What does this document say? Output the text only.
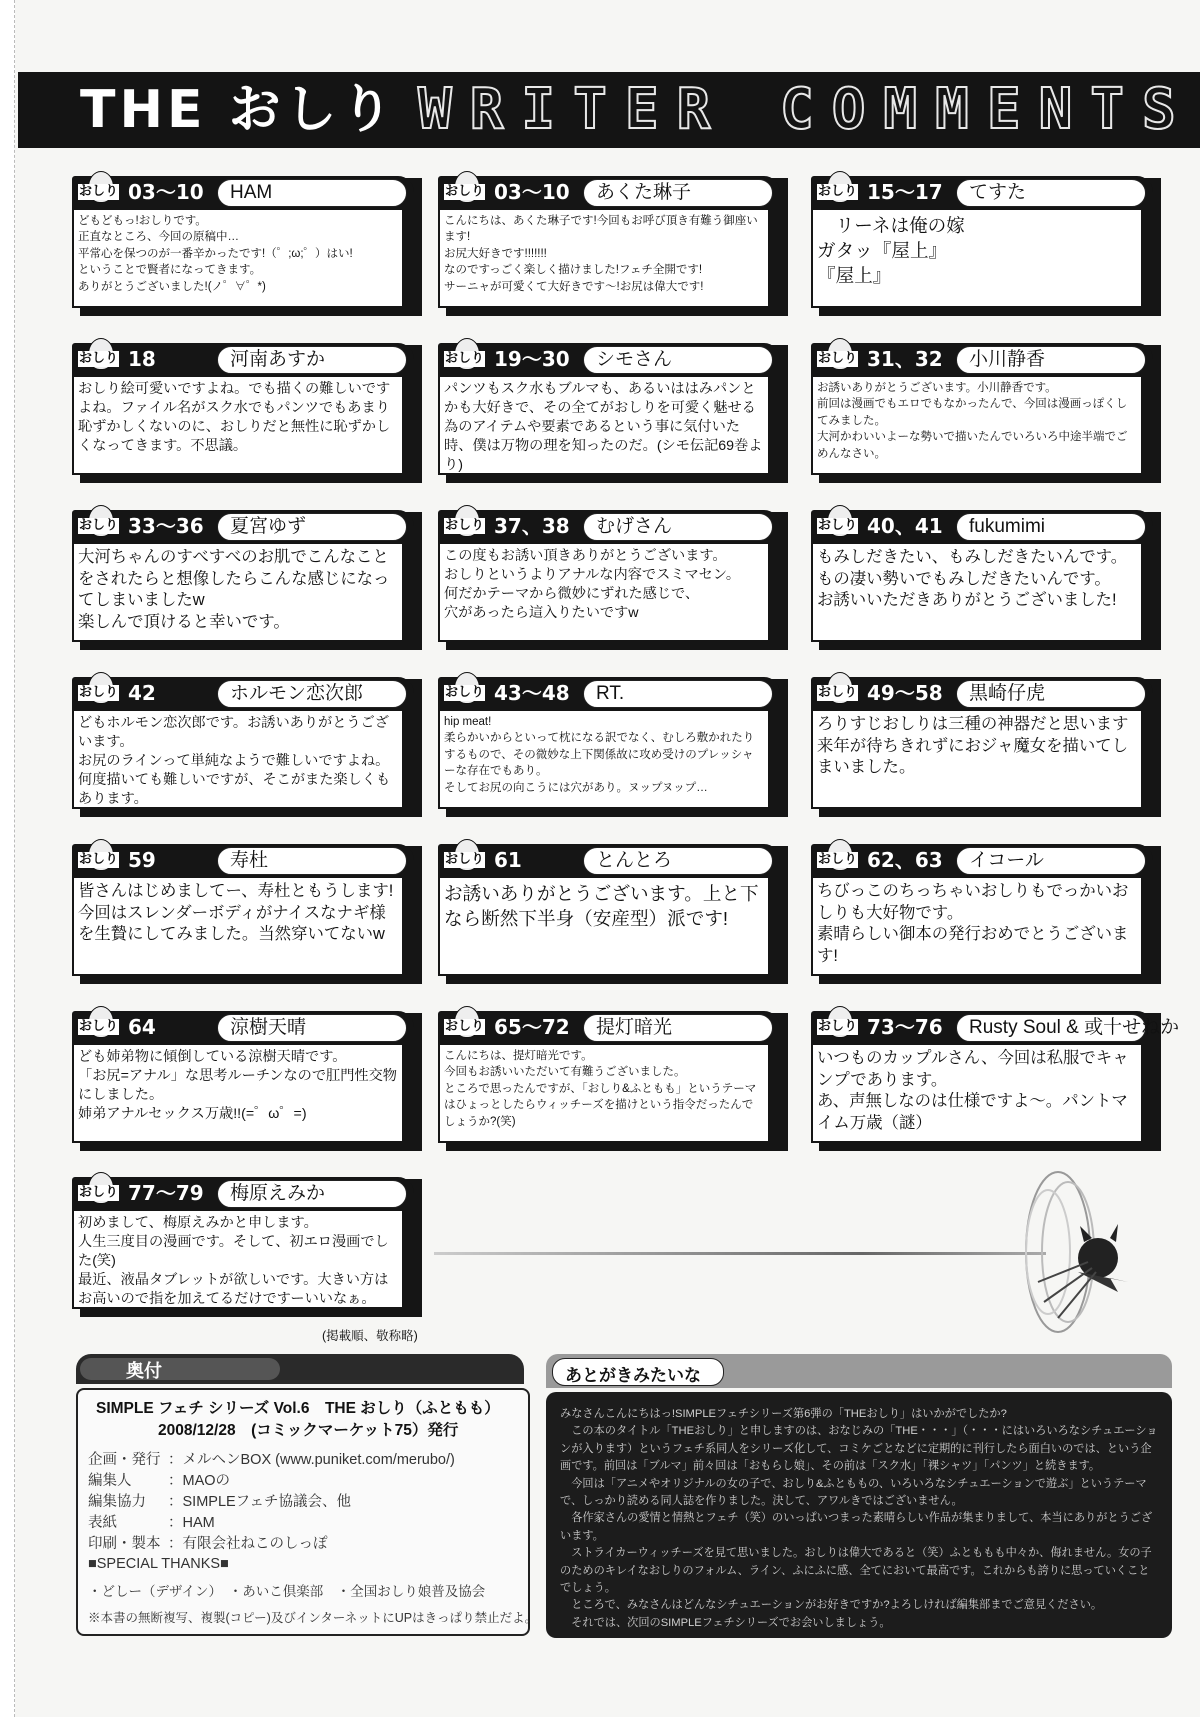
THE おしり WRITER COMMENTS
おしり 03〜10 HAM

どもどもっ!おしりです。
正直なところ、今回の原稿中…
平常心を保つのが一番辛かったです!（゜;ω;゜）はい!
ということで賢者になってきます。
ありがとうございました!(ノ゜∀゜*)

おしり 03〜10 あくた琳子

こんにちは、あくた琳子です!今回もお呼び頂き有難う御座います!
お尻大好きです!!!!!!!
なのですっごく楽しく描けました!フェチ全開です!
サーニャが可愛くて大好きです〜!お尻は偉大です!

おしり 15〜17 てすた

　リーネは俺の嫁
ガタッ『屋上』
『屋上』

おしり 18	河南あすか

おしり絵可愛いですよね。でも描くの難しいですよね。ファイル名がスク水でもパンツでもあまり恥ずかしくないのに、おしりだと無性に恥ずかしくなってきます。不思議。

おしり 19〜30 シモさん

パンツもスク水もブルマも、あるいははみパンとかも大好きで、その全てがおしりを可愛く魅せる為のアイテムや要素であるという事に気付いた時、僕は万物の理を知ったのだ。(シモ伝記69巻より)

おしり 31、32 小川静香

お誘いありがとうございます。小川静香です。
前回は漫画でもエロでもなかったんで、今回は漫画っぽくしてみました。
大河かわいいよーな勢いで描いたんでいろいろ中途半端でごめんなさい。

おしり 33〜36 夏宮ゆず

大河ちゃんのすべすべのお肌でこんなことをされたらと想像したらこんな感じになってしまいましたw
楽しんで頂けると幸いです。

おしり 37、38 むげさん

この度もお誘い頂きありがとうございます。
おしりというよりアナルな内容でスミマセン。
何だかテーマから微妙にずれた感じで、
穴があったら這入りたいですw

おしり 40、41 fukumimi

もみしだきたい、もみしだきたいんです。
もの凄い勢いでもみしだきたいんです。
お誘いいただきありがとうございました!

おしり 42	ホルモン恋次郎

どもホルモン恋次郎です。お誘いありがとうございます。
お尻のラインって単純なようで難しいですよね。
何度描いても難しいですが、そこがまた楽しくもあります。

おしり 43〜48 RT.

hip meat!
柔らかいからといって枕になる訳でなく、むしろ敷かれたりするもので、その微妙な上下関係故に攻め受けのプレッシャーな存在でもあり。
そしてお尻の向こうには穴があり。ヌップヌップ…

おしり 49〜58 黒崎仔虎

ろりすじおしりは三種の神器だと思います
来年が待ちきれずにおジャ魔女を描いてしまいました。

おしり 59	寿杜

皆さんはじめましてー、寿杜ともうします!
今回はスレンダーボディがナイスなナギ様を生贄にしてみました。当然穿いてないw

おしり 61	とんとろ

お誘いありがとうございます。上と下なら断然下半身（安産型）派です!

おしり 62、63 イコール

ちびっこのちっちゃいおしりもでっかいおしりも大好物です。
素晴らしい御本の発行おめでとうございます!

おしり 64	涼樹天晴

ども姉弟物に傾倒している涼樹天晴です。
「お尻=アナル」な思考ルーチンなので肛門性交物にしました。
姉弟アナルセックス万歳!!(=゜ω゜=)

おしり 65〜72 提灯暗光

こんにちは、提灯暗光です。
今回もお誘いいただいて有難うございました。
ところで思ったんですが、「おしり&ふともも」というテーマはひょっとしたらウィッチーズを描けという指令だったんでしょうか?(笑)

おしり 73〜76 Rusty Soul & 或十せねか

いつものカップルさん、今回は私服でキャンプであります。
あ、声無しなのは仕様ですよ〜。パントマイム万歳（謎）

おしり 77〜79 梅原えみか

初めまして、梅原えみかと申します。
人生三度目の漫画です。そして、初エロ漫画でした(笑)
最近、液晶タブレットが欲しいです。大きい方はお高いので指を加えてるだけですーいいなぁ。

(掲載順、敬称略)
奥付
SIMPLE フェチ シリーズ Vol.6　THE おしり（ふともも）
2008/12/28　(コミックマーケット75）発行
企画・発行 ：メルヘンBOX (www.puniket.com/merubo/)
編集人	：MAOの
編集協力 ：SIMPLEフェチ協議会、他
表紙	：HAM
印刷・製本 ：有限会社ねこのしっぽ
■SPECIAL THANKS■
・どしー（デザイン）　・あいこ倶楽部　・全国おしり娘普及協会
※本書の無断複写、複製(コピー)及びインターネットにUPはきっぱり禁止だよ。
あとがきみたいな

みなさんこんにちはっ!SIMPLEフェチシリーズ第6弾の「THEおしり」はいかがでしたか?
　この本のタイトル「THEおしり」と申しますのは、おなじみの「THE・・・」（・・・にはいろいろなシチュエーションが入ります）というフェチ系同人をシリーズ化して、コミケごとなどに定期的に刊行したら面白いのでは、という企画です。前回は「ブルマ」前々回は「おもらし娘」、その前は「スク水」「裸シャツ」「パンツ」と続きます。
　今回は「アニメやオリジナルの女の子で、おしり&ふとももの、いろいろなシチュエーションで遊ぶ」というテーマで、しっかり読める同人誌を作りました。決して、アワルきではございません。
　各作家さんの愛情と情熱とフェチ（笑）のいっぱいつまった素晴らしい作品が集まりまして、本当にありがとうございます。
　ストライカーウィッチーズを見て思いました。おしりは偉大であると（笑）ふとももも中々か、侮れません。女の子のためのキレイなおしりのフォルム、ライン、ふにふに感、全てにおいて最高です。これからも誇りに思っていくことでしょう。
　ところで、みなさんはどんなシチュエーションがお好きですか?よろしければ編集部までご意見ください。
　それでは、次回のSIMPLEフェチシリーズでお会いしましょう。
